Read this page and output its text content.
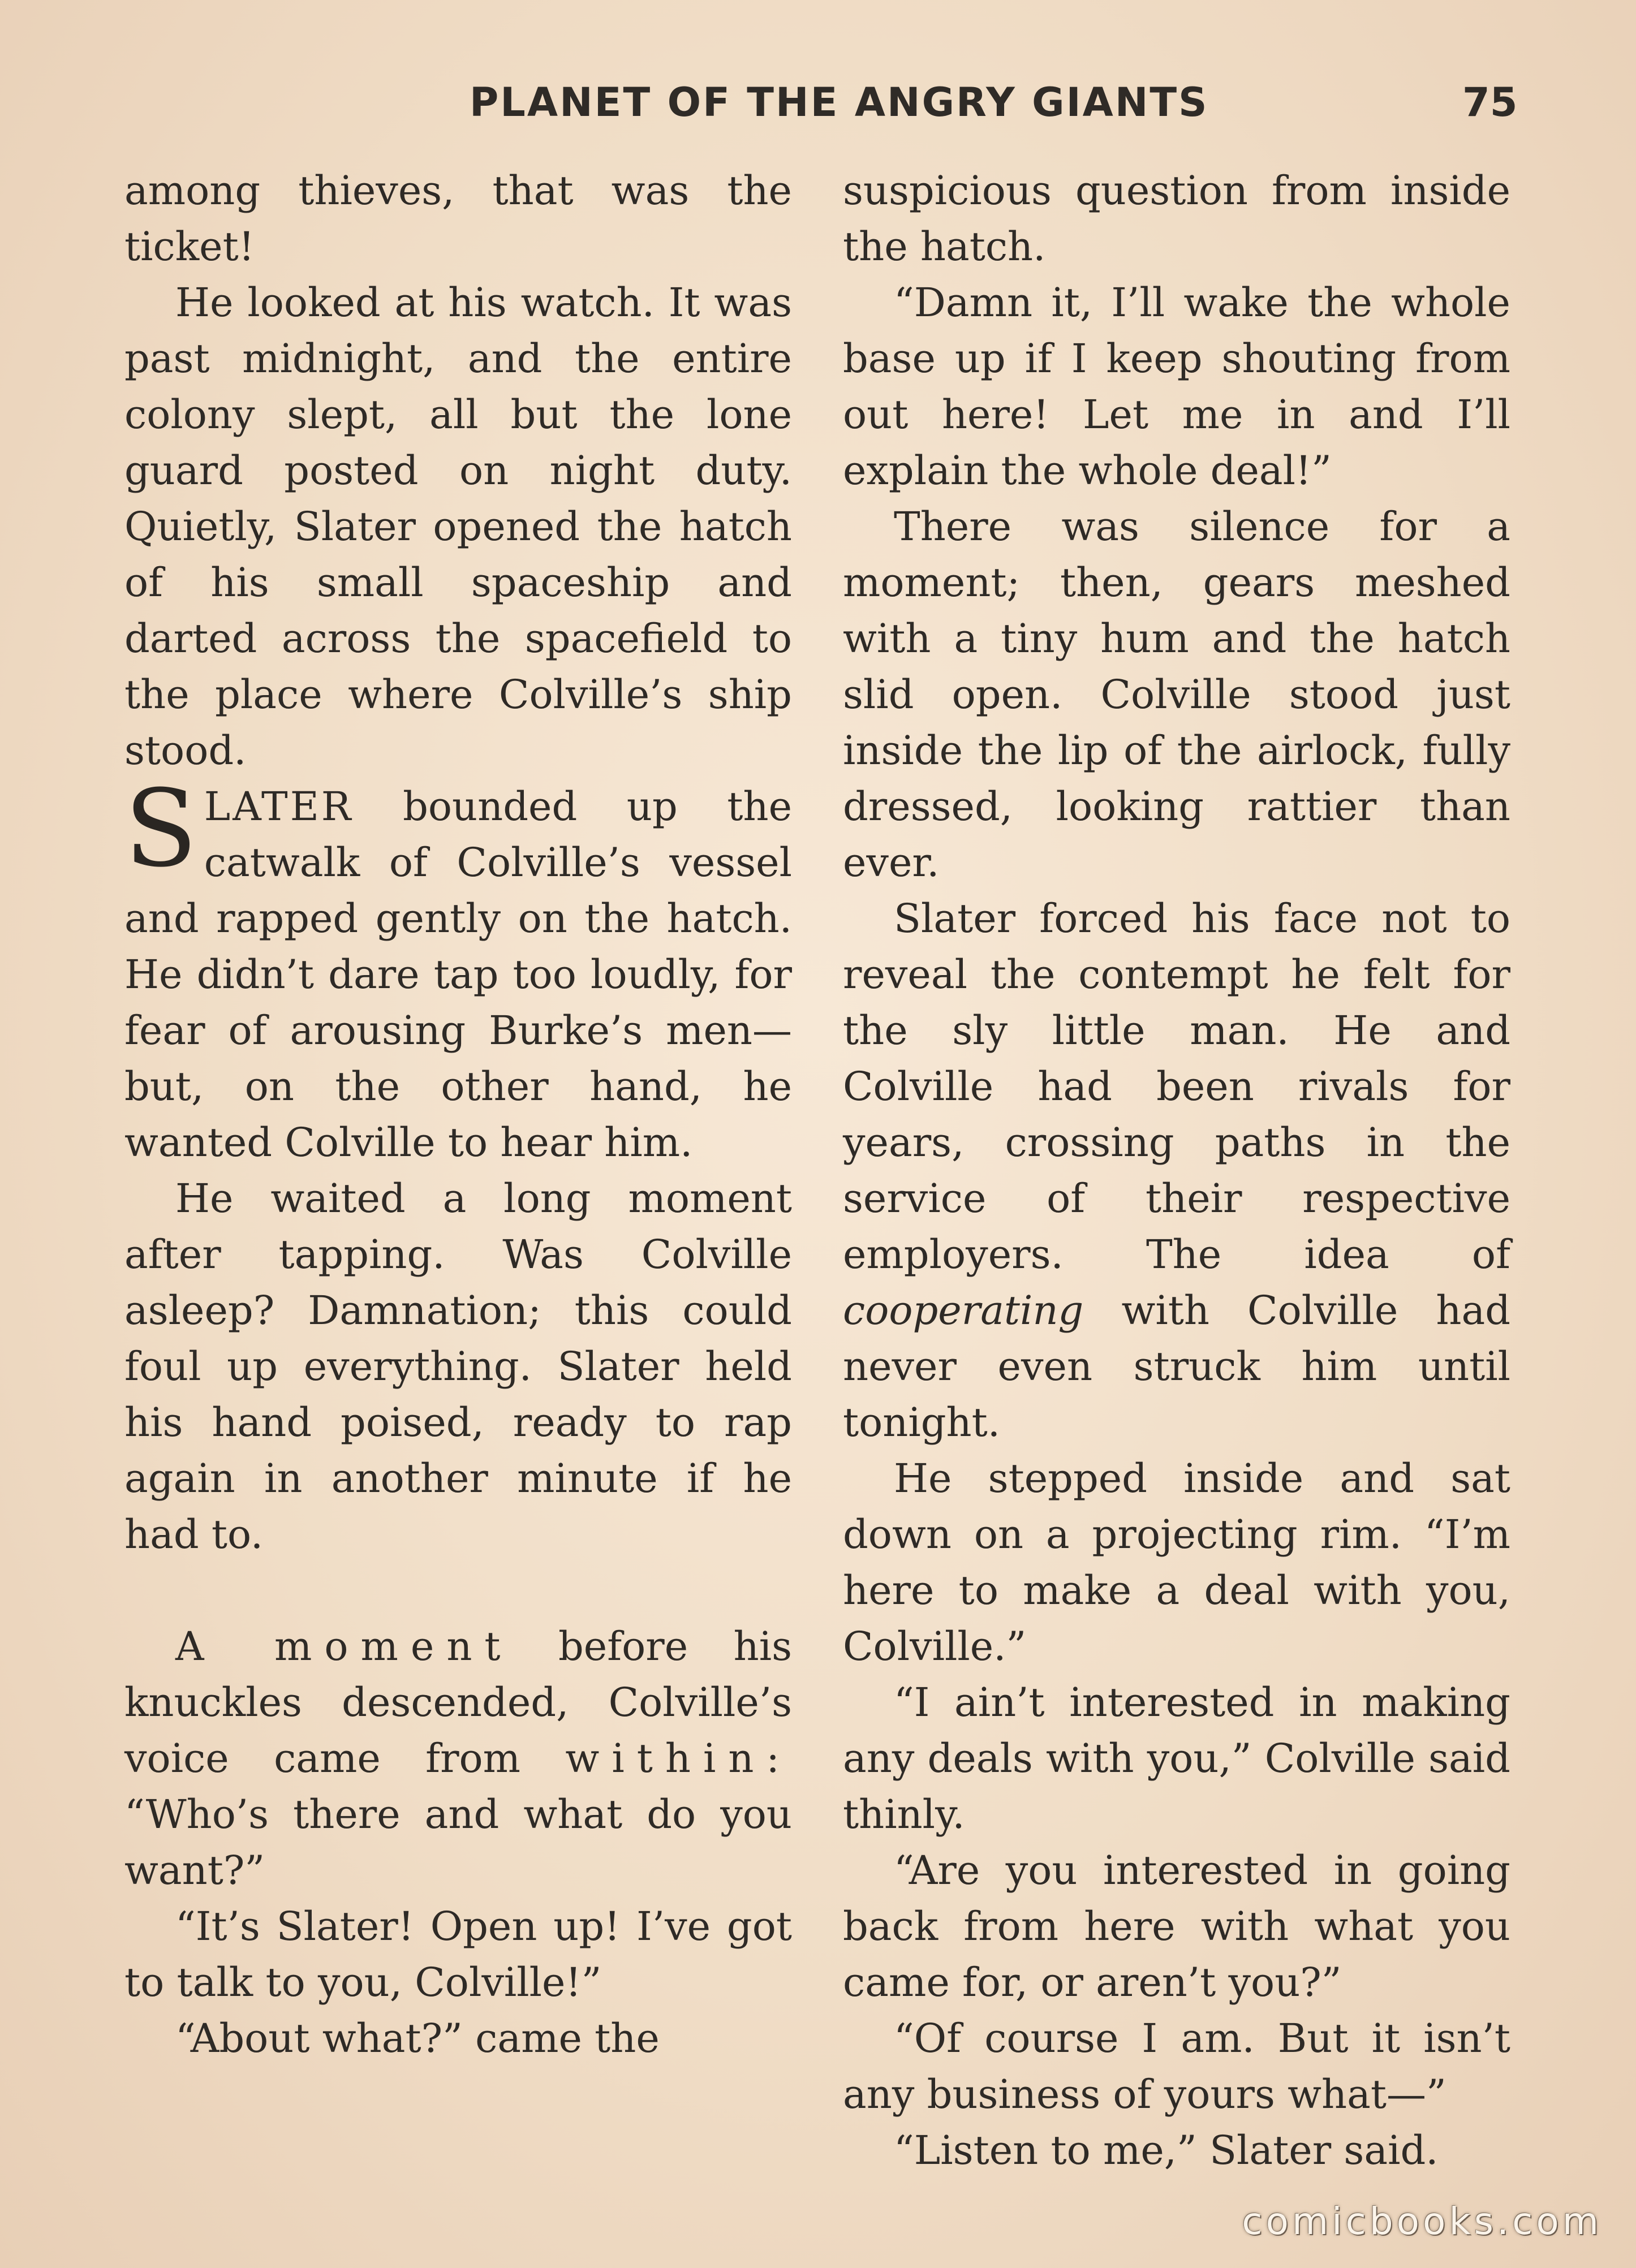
PLANET OF THE ANGRY GIANTS	75

among thieves, that was the ticket!

He looked at his watch. It was past midnight, and the entire colony slept, all but the lone guard posted on night duty. Quietly, Slater opened the hatch of his small spaceship and darted across the spacefield to the place where Colville’s ship stood.

SLATER bounded up the catwalk of Colville’s vessel and rapped gently on the hatch. He didn’t dare tap too loudly, for fear of arousing Burke’s men—but, on the other hand, he wanted Colville to hear him.

He waited a long moment after tapping. Was Colville asleep? Damnation; this could foul up everything. Slater held his hand poised, ready to rap again in another minute if he had to.

A moment before his knuckles descended, Colville’s voice came from within: “Who’s there and what do you want?”

“It’s Slater! Open up! I’ve got to talk to you, Colville!”

“About what?” came the

suspicious question from inside the hatch.

“Damn it, I’ll wake the whole base up if I keep shouting from out here! Let me in and I’ll explain the whole deal!”

There was silence for a moment; then, gears meshed with a tiny hum and the hatch slid open. Colville stood just inside the lip of the airlock, fully dressed, looking rattier than ever.

Slater forced his face not to reveal the contempt he felt for the sly little man. He and Colville had been rivals for years, crossing paths in the service of their respective employers. The idea of cooperating with Colville had never even struck him until tonight.

He stepped inside and sat down on a projecting rim. “I’m here to make a deal with you, Colville.”

“I ain’t interested in making any deals with you,” Colville said thinly.

“Are you interested in going back from here with what you came for, or aren’t you?”

“Of course I am. But it isn’t any business of yours what—”

“Listen to me,” Slater said.

comicbooks.com
